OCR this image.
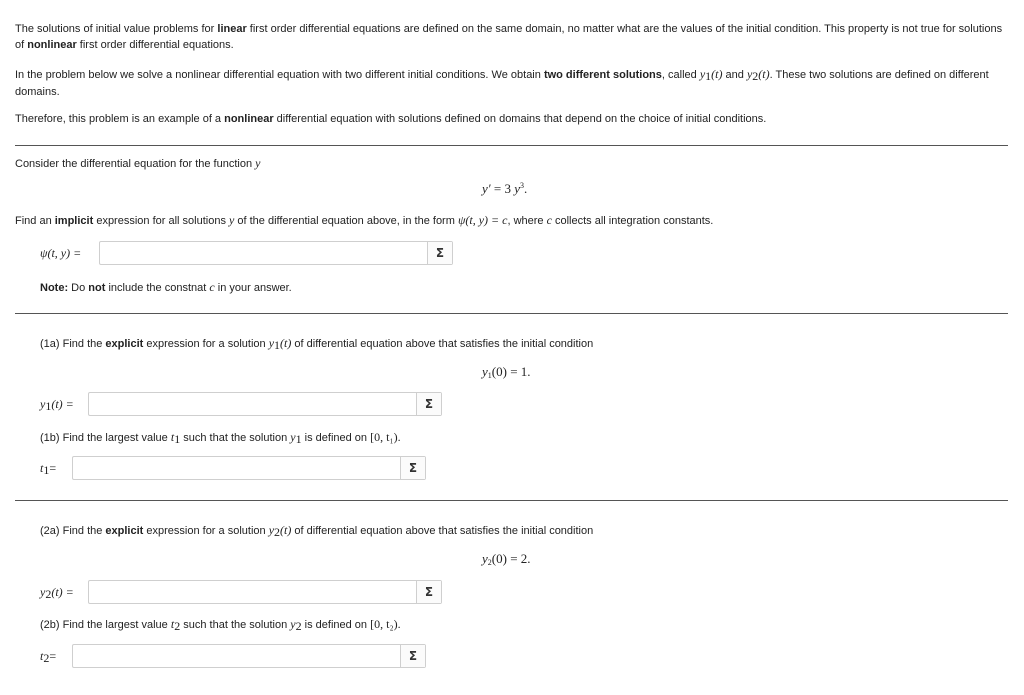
The solutions of initial value problems for linear first order differential equations are defined on the same domain, no matter what are the values of the initial condition. This property is not true for solutions of nonlinear first order differential equations.
In the problem below we solve a nonlinear differential equation with two different initial conditions. We obtain two different solutions, called $y_1(t)$ and $y_2(t)$. These two solutions are defined on different domains.
Therefore, this problem is an example of a nonlinear differential equation with solutions defined on domains that depend on the choice of initial conditions.
Consider the differential equation for the function y
y′ = 3 $y^3$.
Find an implicit expression for all solutions y of the differential equation above, in the form ψ(t, y) = c, where c collects all integration constants.
ψ(t, y) =	Σ
Note: Do not include the constnat c in your answer.
(1a) Find the explicit expression for a solution $y_1(t)$ of differential equation above that satisfies the initial condition
$y_1(0) = 1$.
$y_1(t)$ =	Σ
(1b) Find the largest value $t_1$ such that the solution $y_1$ is defined on [0, t₁).
$t_1=$	Σ
(2a) Find the explicit expression for a solution $y_2(t)$ of differential equation above that satisfies the initial condition
$y_2(0) = 2$.
$y_2(t)$ =	Σ
(2b) Find the largest value $t_2$ such that the solution $y_2$ is defined on [0, t₂).
$t_2=$	Σ
